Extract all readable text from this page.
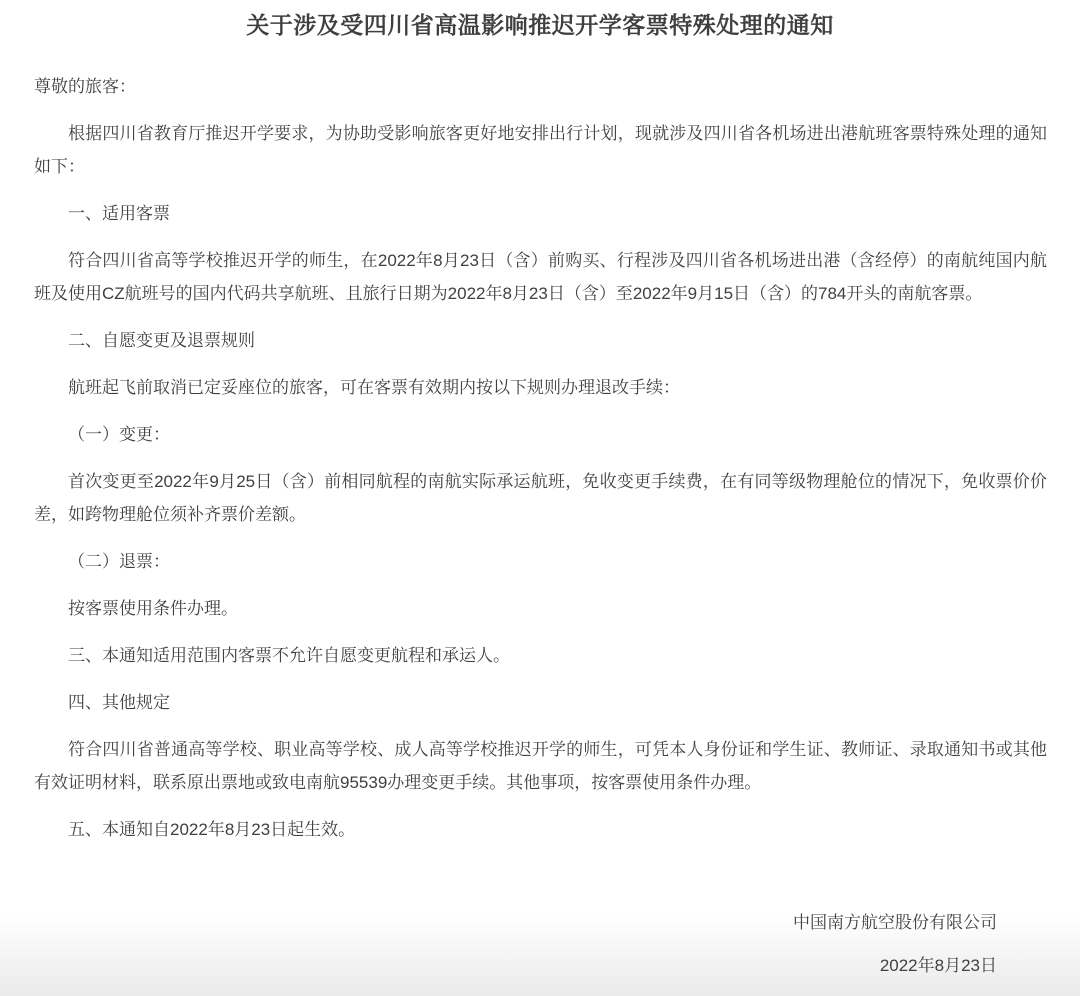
关于涉及受四川省高温影响推迟开学客票特殊处理的通知
尊敬的旅客：
根据四川省教育厅推迟开学要求，为协助受影响旅客更好地安排出行计划，现就涉及四川省各机场进出港航班客票特殊处理的通知如下：
一、适用客票
符合四川省高等学校推迟开学的师生，在2022年8月23日（含）前购买、行程涉及四川省各机场进出港（含经停）的南航纯国内航班及使用CZ航班号的国内代码共享航班、且旅行日期为2022年8月23日（含）至2022年9月15日（含）的784开头的南航客票。
二、自愿变更及退票规则
航班起飞前取消已定妥座位的旅客，可在客票有效期内按以下规则办理退改手续：
（一）变更：
首次变更至2022年9月25日（含）前相同航程的南航实际承运航班，免收变更手续费，在有同等级物理舱位的情况下，免收票价价差，如跨物理舱位须补齐票价差额。
（二）退票：
按客票使用条件办理。
三、本通知适用范围内客票不允许自愿变更航程和承运人。
四、其他规定
符合四川省普通高等学校、职业高等学校、成人高等学校推迟开学的师生，可凭本人身份证和学生证、教师证、录取通知书或其他有效证明材料，联系原出票地或致电南航95539办理变更手续。其他事项，按客票使用条件办理。
五、本通知自2022年8月23日起生效。
中国南方航空股份有限公司
2022年8月23日
